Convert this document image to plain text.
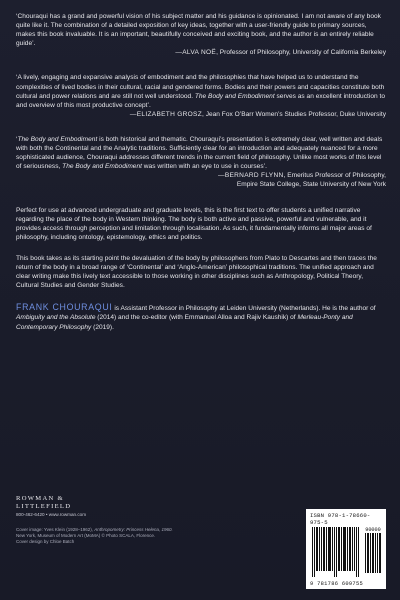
‘Chouraqui has a grand and powerful vision of his subject matter and his guidance is opinionated. I am not aware of any book quite like it. The combination of a detailed exposition of key ideas, together with a user-friendly guide to primary sources, makes this book invaluable. It is an important, beautifully conceived and exciting book, and the author is an entirely reliable guide’.

—ALVA NOË, Professor of Philosophy, University of California Berkeley

‘A lively, engaging and expansive analysis of embodiment and the philosophies that have helped us to understand the complexities of lived bodies in their cultural, racial and gendered forms. Bodies and their powers and capacities constitute both cultural and power relations and are still not well understood. The Body and Embodiment serves as an excellent introduction to and overview of this most productive concept’.

—ELIZABETH GROSZ, Jean Fox O’Barr Women’s Studies Professor, Duke University

‘The Body and Embodiment is both historical and thematic. Chouraqui’s presentation is extremely clear, well written and deals with both the Continental and the Analytic traditions. Sufficiently clear for an introduction and adequately nuanced for a more sophisticated audience, Chouraqui addresses different trends in the current field of philosophy. Unlike most works of this level of seriousness, The Body and Embodiment was written with an eye to use in courses’.

—BERNARD FLYNN, Emeritus Professor of Philosophy,

Empire State College, State University of New York

Perfect for use at advanced undergraduate and graduate levels, this is the first text to offer students a unified narrative regarding the place of the body in Western thinking. The body is both active and passive, powerful and vulnerable, and it provides access through perception and limitation through localisation. As such, it fundamentally informs all major areas of philosophy, including ontology, epistemology, ethics and politics.

This book takes as its starting point the devaluation of the body by philosophers from Plato to Descartes and then traces the return of the body in a broad range of ‘Continental’ and ‘Anglo-American’ philosophical traditions. The unified approach and clear writing make this lively text accessible to those working in other disciplines such as Anthropology, Political Theory, Cultural Studies and Gender Studies.

FRANK CHOURAQUI is Assistant Professor in Philosophy at Leiden University (Netherlands). He is the author of Ambiguity and the Absolute (2014) and the co-editor (with Emmanuel Alloa and Rajiv Kaushik) of Merleau-Ponty and Contemporary Philosophy (2019).

ROWMAN &
LITTLEFIELD
800-462-6420 • www.rowman.com
Cover image: Yves Klein (1928–1962), Anthropometry: Princess Helena, 1960.
New York, Museum of Modern Art (MoMA) © Photo SCALA, Florence.
Cover design by Chloe Batch
ISBN 978-1-78660-975-5
90000
9 781786 609755
